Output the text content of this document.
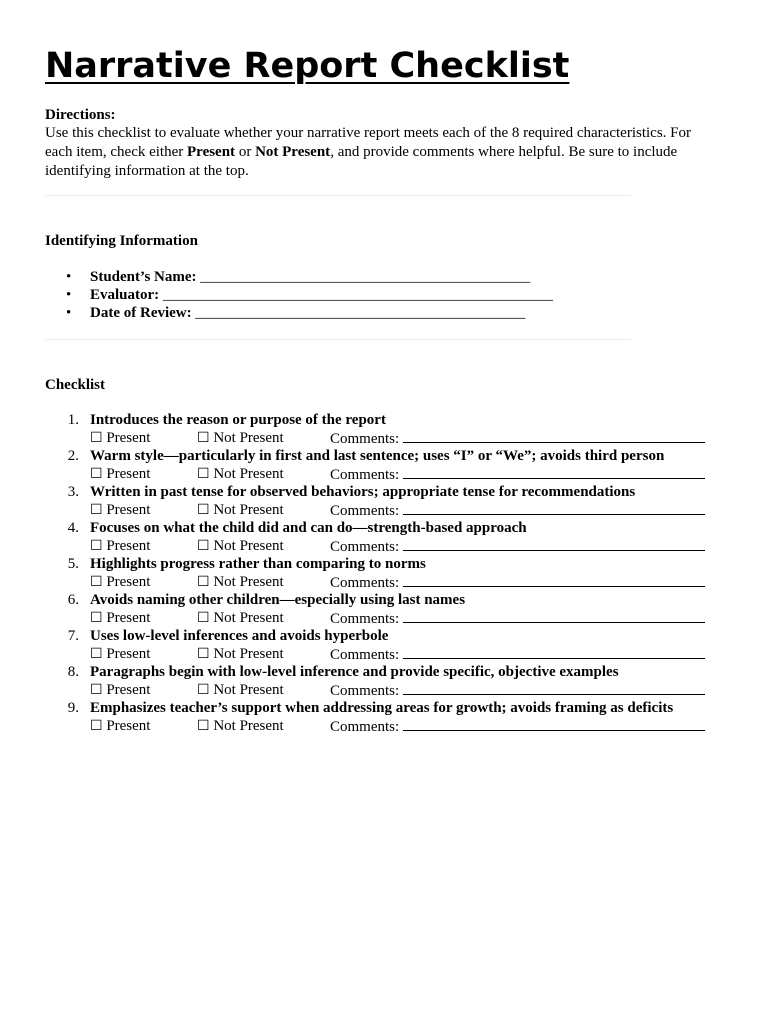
Narrative Report Checklist
Directions:
Use this checklist to evaluate whether your narrative report meets each of the 8 required characteristics. For each item, check either Present or Not Present, and provide comments where helpful. Be sure to include identifying information at the top.
Identifying Information
• Student’s Name: ____________________________________________
• Evaluator: ____________________________________________________
• Date of Review: ____________________________________________
Checklist
1. Introduces the reason or purpose of the report
☐ Present	☐ Not Present	Comments:
2. Warm style—particularly in first and last sentence; uses “I” or “We”; avoids third person
☐ Present	☐ Not Present	Comments:
3. Written in past tense for observed behaviors; appropriate tense for recommendations
☐ Present	☐ Not Present	Comments:
4. Focuses on what the child did and can do—strength-based approach
☐ Present	☐ Not Present	Comments:
5. Highlights progress rather than comparing to norms
☐ Present	☐ Not Present	Comments:
6. Avoids naming other children—especially using last names
☐ Present	☐ Not Present	Comments:
7. Uses low-level inferences and avoids hyperbole
☐ Present	☐ Not Present	Comments:
8. Paragraphs begin with low-level inference and provide specific, objective examples
☐ Present	☐ Not Present	Comments:
9. Emphasizes teacher’s support when addressing areas for growth; avoids framing as deficits
☐ Present	☐ Not Present	Comments:
